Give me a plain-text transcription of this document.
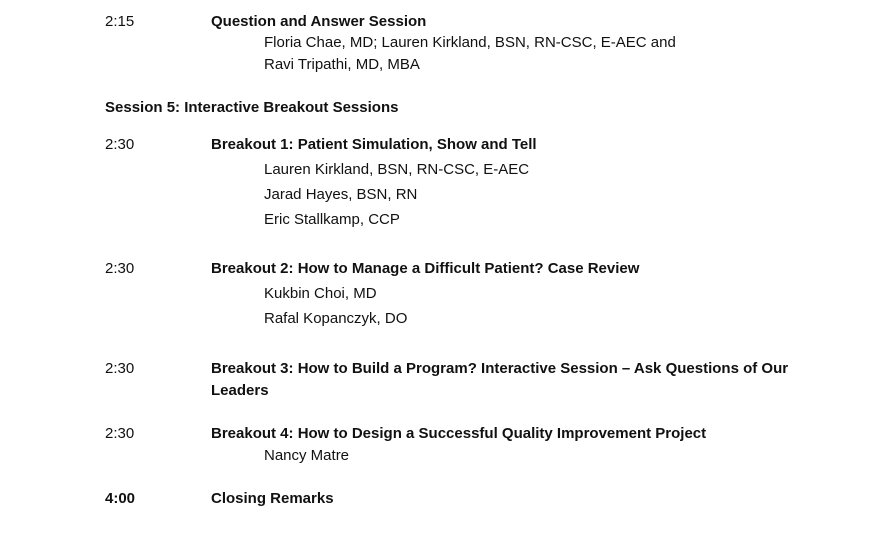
2:15	Question and Answer Session
Floria Chae, MD; Lauren Kirkland, BSN, RN-CSC, E-AEC and
Ravi Tripathi, MD, MBA
Session 5: Interactive Breakout Sessions
2:30	Breakout 1: Patient Simulation, Show and Tell
Lauren Kirkland, BSN, RN-CSC, E-AEC
Jarad Hayes, BSN, RN
Eric Stallkamp, CCP
2:30	Breakout 2: How to Manage a Difficult Patient? Case Review
Kukbin Choi, MD
Rafal Kopanczyk, DO
2:30	Breakout 3: How to Build a Program? Interactive Session – Ask Questions of Our Leaders
2:30	Breakout 4: How to Design a Successful Quality Improvement Project
Nancy Matre
4:00	Closing Remarks
